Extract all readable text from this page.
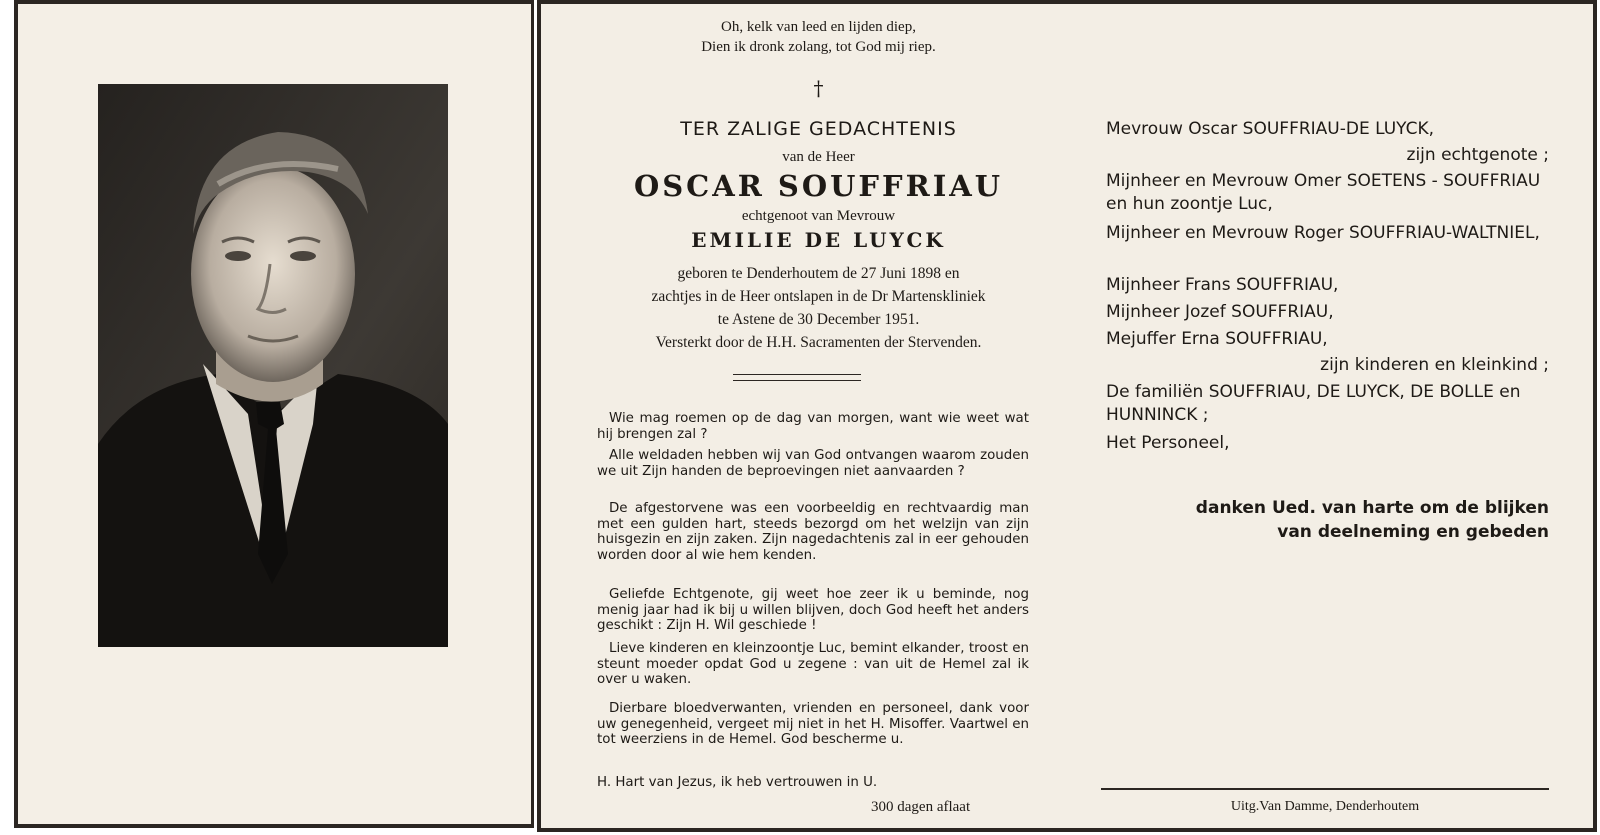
Oh, kelk van leed en lijden diep,
Dien ik dronk zolang, tot God mij riep.
†
TER ZALIGE GEDACHTENIS
van de Heer
OSCAR SOUFFRIAU
echtgenoot van Mevrouw
EMILIE DE LUYCK
geboren te Denderhoutem de 27 Juni 1898 en
zachtjes in de Heer ontslapen in de Dr Martenskliniek
te Astene de 30 December 1951.
Versterkt door de H.H. Sacramenten der Stervenden.
Wie mag roemen op de dag van morgen, want wie weet wat hij brengen zal ?
Alle weldaden hebben wij van God ontvangen waarom zouden we uit Zijn handen de beproevingen niet aanvaarden ?
De afgestorvene was een voorbeeldig en rechtvaardig man met een gulden hart, steeds bezorgd om het welzijn van zijn huisgezin en zijn zaken. Zijn nagedachtenis zal in eer gehouden worden door al wie hem kenden.
Geliefde Echtgenote, gij weet hoe zeer ik u beminde, nog menig jaar had ik bij u willen blijven, doch God heeft het anders geschikt : Zijn H. Wil geschiede !
Lieve kinderen en kleinzoontje Luc, bemint elkander, troost en steunt moeder opdat God u zegene : van uit de Hemel zal ik over u waken.
Dierbare bloedverwanten, vrienden en personeel, dank voor uw genegenheid, vergeet mij niet in het H. Misoffer. Vaartwel en tot weerziens in de Hemel. God bescherme u.
H. Hart van Jezus, ik heb vertrouwen in U.
300 dagen aflaat
Mevrouw Oscar SOUFFRIAU-DE LUYCK,
zijn echtgenote ;
Mijnheer en Mevrouw Omer SOETENS - SOUFFRIAU en hun zoontje Luc,
Mijnheer en Mevrouw Roger SOUFFRIAU-WALTNIEL,
Mijnheer Frans SOUFFRIAU,
Mijnheer Jozef SOUFFRIAU,
Mejuffer Erna SOUFFRIAU,
zijn kinderen en kleinkind ;
De familiën SOUFFRIAU, DE LUYCK, DE BOLLE en HUNNINCK ;
Het Personeel,
danken Ued. van harte om de blijken
van deelneming en gebeden
Uitg.Van Damme, Denderhoutem
